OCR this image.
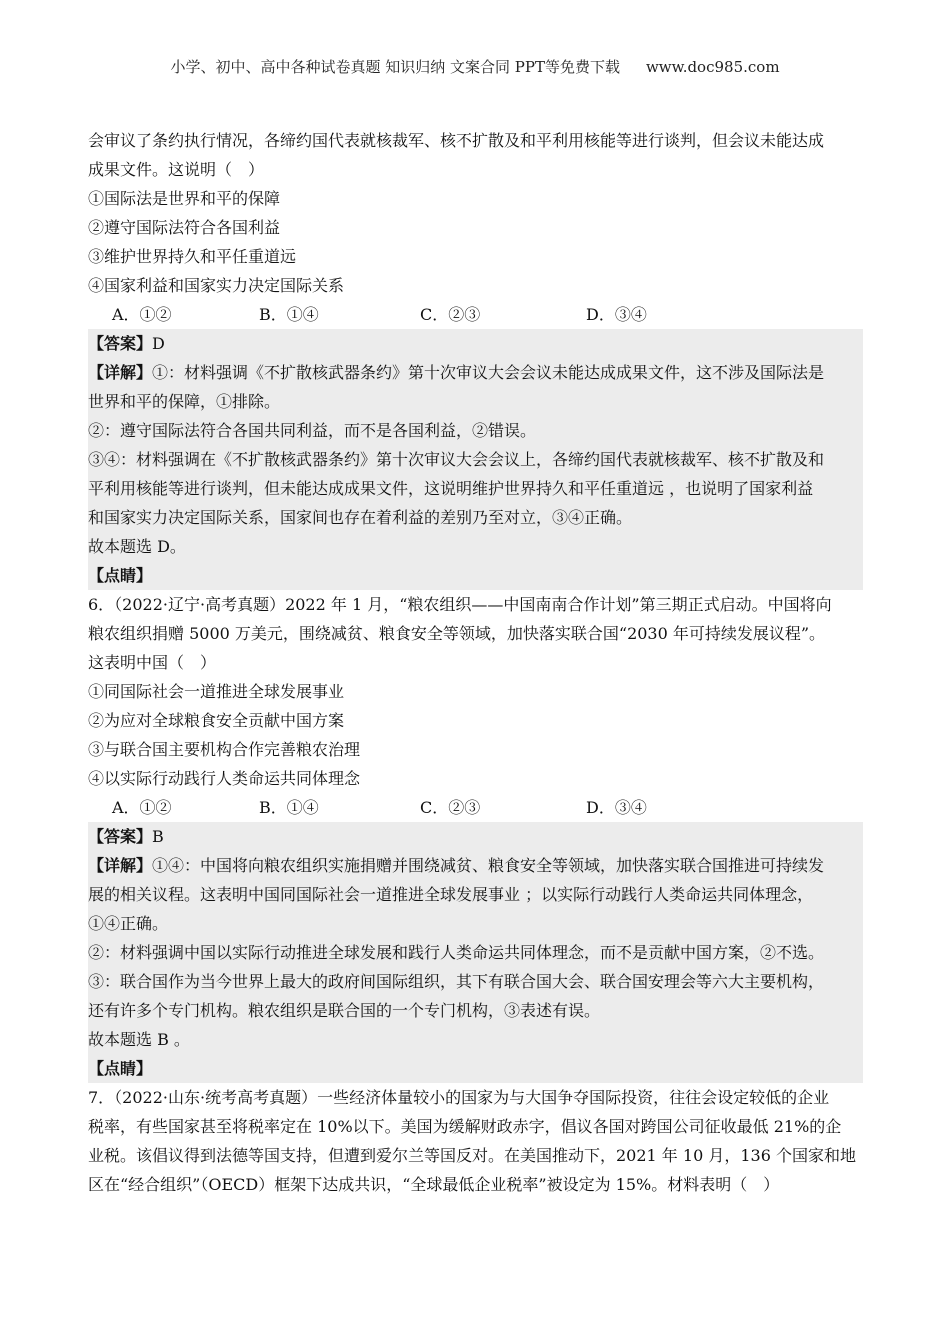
小学、初中、高中各种试卷真题 知识归纳 文案合同 PPT等免费下载 www.doc985.com
会审议了条约执行情况，各缔约国代表就核裁军、核不扩散及和平利用核能等进行谈判，但会议未能达成
成果文件。这说明（　）
①国际法是世界和平的保障
②遵守国际法符合各国利益
③维护世界持久和平任重道远
④国家利益和国家实力决定国际关系
A．①②	B．①④	C．②③	D．③④
【答案】D
【详解】①：材料强调《不扩散核武器条约》第十次审议大会会议未能达成成果文件，这不涉及国际法是
世界和平的保障，①排除。
②：遵守国际法符合各国共同利益，而不是各国利益，②错误。
③④：材料强调在《不扩散核武器条约》第十次审议大会会议上，各缔约国代表就核裁军、核不扩散及和
平利用核能等进行谈判，但未能达成成果文件，这说明维护世界持久和平任重道远 ，也说明了国家利益
和国家实力决定国际关系，国家间也存在着利益的差别乃至对立，③④正确。
故本题选 D。
【点睛】
6．（2022·辽宁·高考真题）2022 年 1 月，“粮农组织——中国南南合作计划”第三期正式启动。中国将向
粮农组织捐赠 5000 万美元，围绕减贫、粮食安全等领域，加快落实联合国“2030 年可持续发展议程”。
这表明中国（　）
①同国际社会一道推进全球发展事业
②为应对全球粮食安全贡献中国方案
③与联合国主要机构合作完善粮农治理
④以实际行动践行人类命运共同体理念
A．①②	B．①④	C．②③	D．③④
【答案】B
【详解】①④：中国将向粮农组织实施捐赠并围绕减贫、粮食安全等领域，加快落实联合国推进可持续发
展的相关议程。这表明中国同国际社会一道推进全球发展事业 ；以实际行动践行人类命运共同体理念，
①④正确。
②：材料强调中国以实际行动推进全球发展和践行人类命运共同体理念，而不是贡献中国方案，②不选。
③：联合国作为当今世界上最大的政府间国际组织，其下有联合国大会、联合国安理会等六大主要机构，
还有许多个专门机构。粮农组织是联合国的一个专门机构，③表述有误。
故本题选 B 。
【点睛】
7．（2022·山东·统考高考真题）一些经济体量较小的国家为与大国争夺国际投资，往往会设定较低的企业
税率，有些国家甚至将税率定在 10%以下。美国为缓解财政赤字，倡议各国对跨国公司征收最低 21%的企
业税。该倡议得到法德等国支持，但遭到爱尔兰等国反对。在美国推动下，2021 年 10 月，136 个国家和地
区在“经合组织”（OECD）框架下达成共识，“全球最低企业税率”被设定为 15%。材料表明（　）
